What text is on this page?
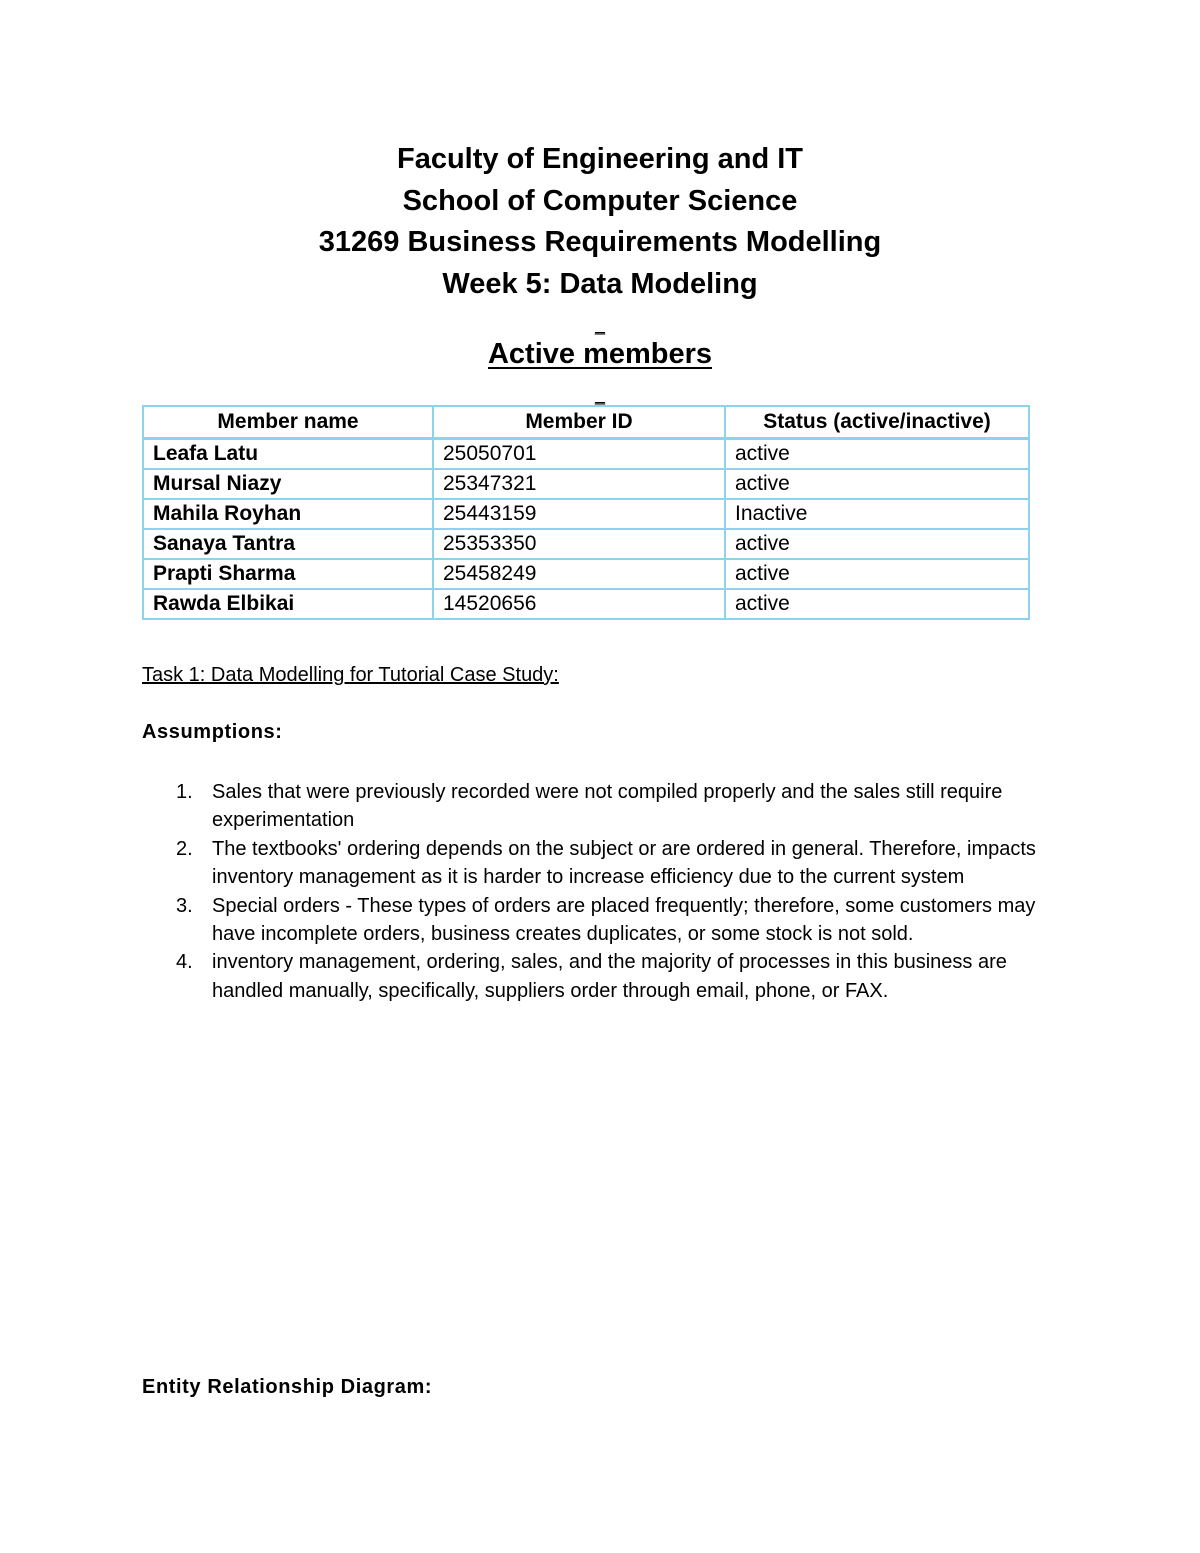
Faculty of Engineering and IT
School of Computer Science
31269 Business Requirements Modelling
Week 5: Data Modeling
_
Active members
_
Member name	Member ID	Status (active/inactive)
Leafa Latu	25050701	active
Mursal Niazy	25347321	active
Mahila Royhan	25443159	Inactive
Sanaya Tantra	25353350	active
Prapti Sharma	25458249	active
Rawda Elbikai	14520656	active
Task 1: Data Modelling for Tutorial Case Study:
Assumptions:
1. Sales that were previously recorded were not compiled properly and the sales still require experimentation
2. The textbooks' ordering depends on the subject or are ordered in general. Therefore, impacts inventory management as it is harder to increase efficiency due to the current system
3. Special orders - These types of orders are placed frequently; therefore, some customers may have incomplete orders, business creates duplicates, or some stock is not sold.
4. inventory management, ordering, sales, and the majority of processes in this business are handled manually, specifically, suppliers order through email, phone, or FAX.
Entity Relationship Diagram:
